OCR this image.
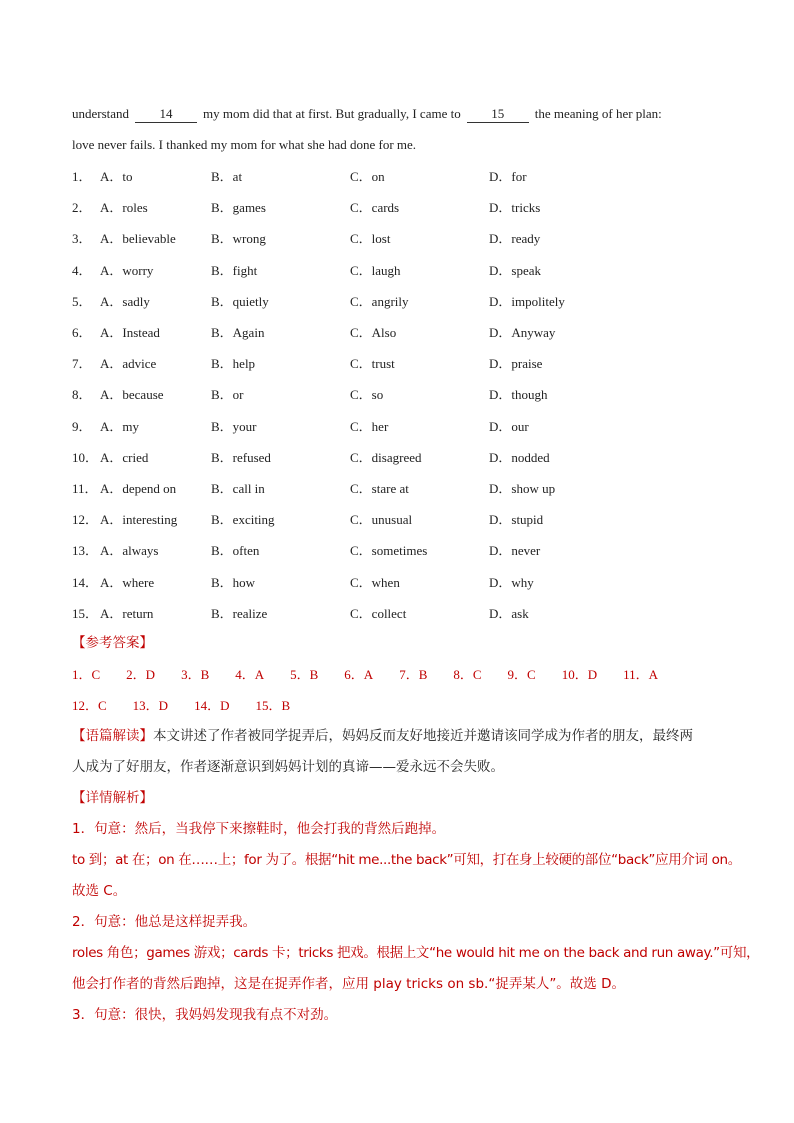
understand 14 my mom did that at first. But gradually, I came to 15 the meaning of her plan:
love never fails. I thanked my mom for what she had done for me.
1． A．to	B．at	C．on	D．for
2． A．roles	B．games	C．cards	D．tricks
3． A．believable	B．wrong	C．lost	D．ready
4． A．worry	B．fight	C．laugh	D．speak
5． A．sadly	B．quietly	C．angrily	D．impolitely
6． A．Instead	B．Again	C．Also	D．Anyway
7． A．advice	B．help	C．trust	D．praise
8． A．because	B．or	C．so	D．though
9． A．my	B．your	C．her	D．our
10． A．cried	B．refused	C．disagreed	D．nodded
11． A．depend on	B．call in	C．stare at	D．show up
12． A．interesting	B．exciting	C．unusual	D．stupid
13． A．always	B．often	C．sometimes	D．never
14． A．where	B．how	C．when	D．why
15． A．return	B．realize	C．collect	D．ask
【参考答案】
1．C 2．D 3．B 4．A 5．B 6．A 7．B 8．C 9．C 10．D 11．A
12．C 13．D 14．D 15．B
【语篇解读】本文讲述了作者被同学捉弄后，妈妈反而友好地接近并邀请该同学成为作者的朋友，最终两
人成为了好朋友，作者逐渐意识到妈妈计划的真谛——爱永远不会失败。
【详情解析】
1．句意：然后，当我停下来擦鞋时，他会打我的背然后跑掉。
to 到；at 在；on 在……上；for 为了。根据“hit me...the back”可知，打在身上较硬的部位“back”应用介词 on。
故选 C。
2．句意：他总是这样捉弄我。
roles 角色；games 游戏；cards 卡；tricks 把戏。根据上文“he would hit me on the back and run away.”可知，
他会打作者的背然后跑掉，这是在捉弄作者，应用 play tricks on sb.“捉弄某人”。故选 D。
3．句意：很快，我妈妈发现我有点不对劲。
